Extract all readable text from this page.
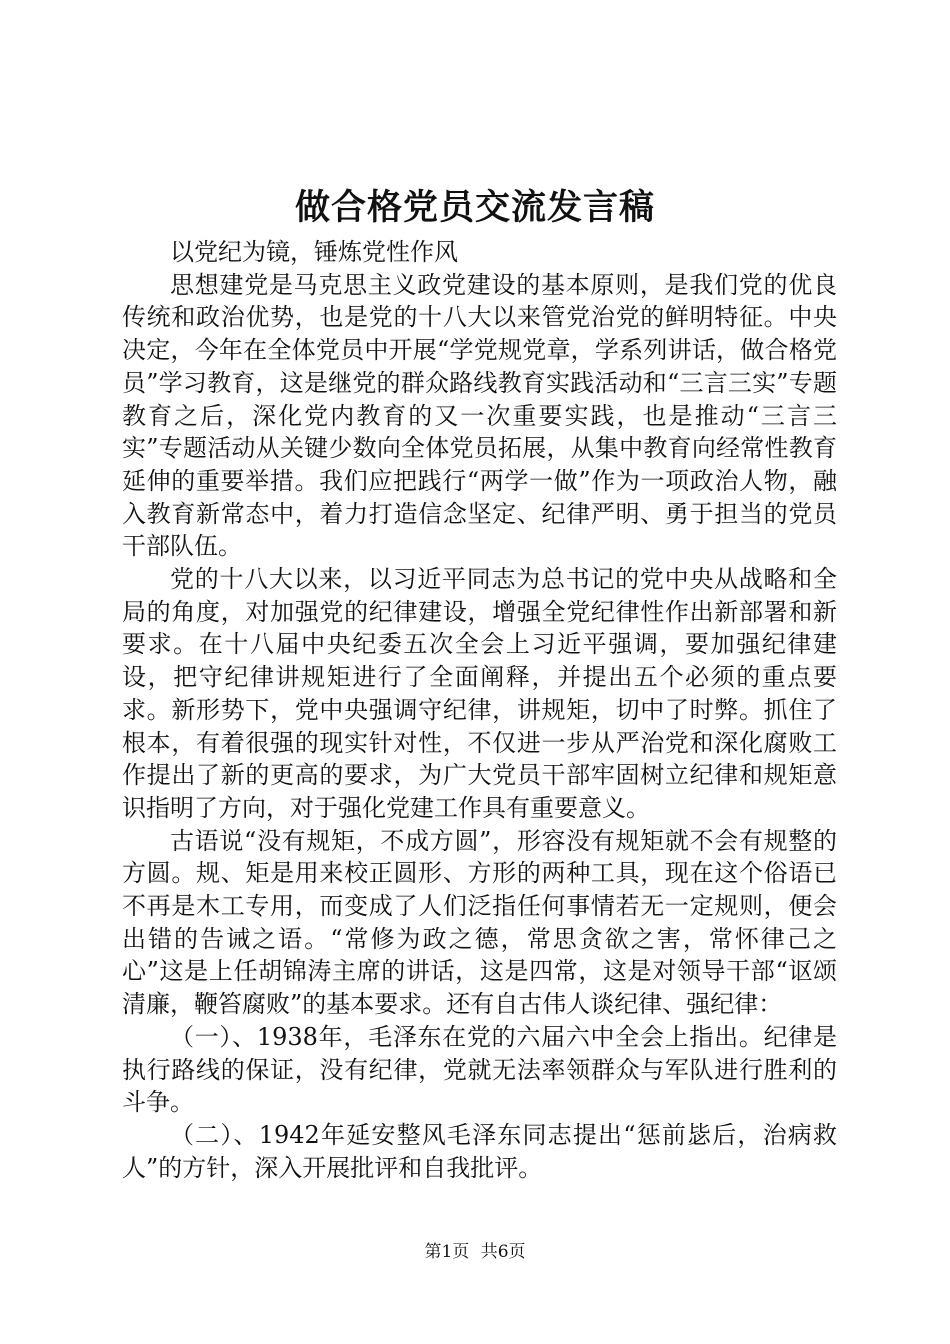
做合格党员交流发言稿

以党纪为镜，锤炼党性作风

思想建党是马克思主义政党建设的基本原则，是我们党的优良传统和政治优势，也是党的十八大以来管党治党的鲜明特征。中央决定，今年在全体党员中开展“学党规党章，学系列讲话，做合格党员”学习教育，这是继党的群众路线教育实践活动和“三言三实”专题教育之后，深化党内教育的又一次重要实践，也是推动“三言三实”专题活动从关键少数向全体党员拓展，从集中教育向经常性教育延伸的重要举措。我们应把践行“两学一做”作为一项政治人物，融入教育新常态中，着力打造信念坚定、纪律严明、勇于担当的党员干部队伍。

党的十八大以来，以习近平同志为总书记的党中央从战略和全局的角度，对加强党的纪律建设，增强全党纪律性作出新部署和新要求。在十八届中央纪委五次全会上习近平强调，要加强纪律建设，把守纪律讲规矩进行了全面阐释，并提出五个必须的重点要求。新形势下，党中央强调守纪律，讲规矩，切中了时弊。抓住了根本，有着很强的现实针对性，不仅进一步从严治党和深化腐败工作提出了新的更高的要求，为广大党员干部牢固树立纪律和规矩意识指明了方向，对于强化党建工作具有重要意义。

古语说“没有规矩，不成方圆”，形容没有规矩就不会有规整的方圆。规、矩是用来校正圆形、方形的两种工具，现在这个俗语已不再是木工专用，而变成了人们泛指任何事情若无一定规则，便会出错的告诫之语。“常修为政之德，常思贪欲之害，常怀律己之心”这是上任胡锦涛主席的讲话，这是四常，这是对领导干部“讴颂清廉，鞭笞腐败”的基本要求。还有自古伟人谈纪律、强纪律：

（一）、1938年，毛泽东在党的六届六中全会上指出。纪律是执行路线的保证，没有纪律，党就无法率领群众与军队进行胜利的斗争。

（二）、1942年延安整风毛泽东同志提出“惩前毖后，治病救人”的方针，深入开展批评和自我批评。

第1页 共6页
